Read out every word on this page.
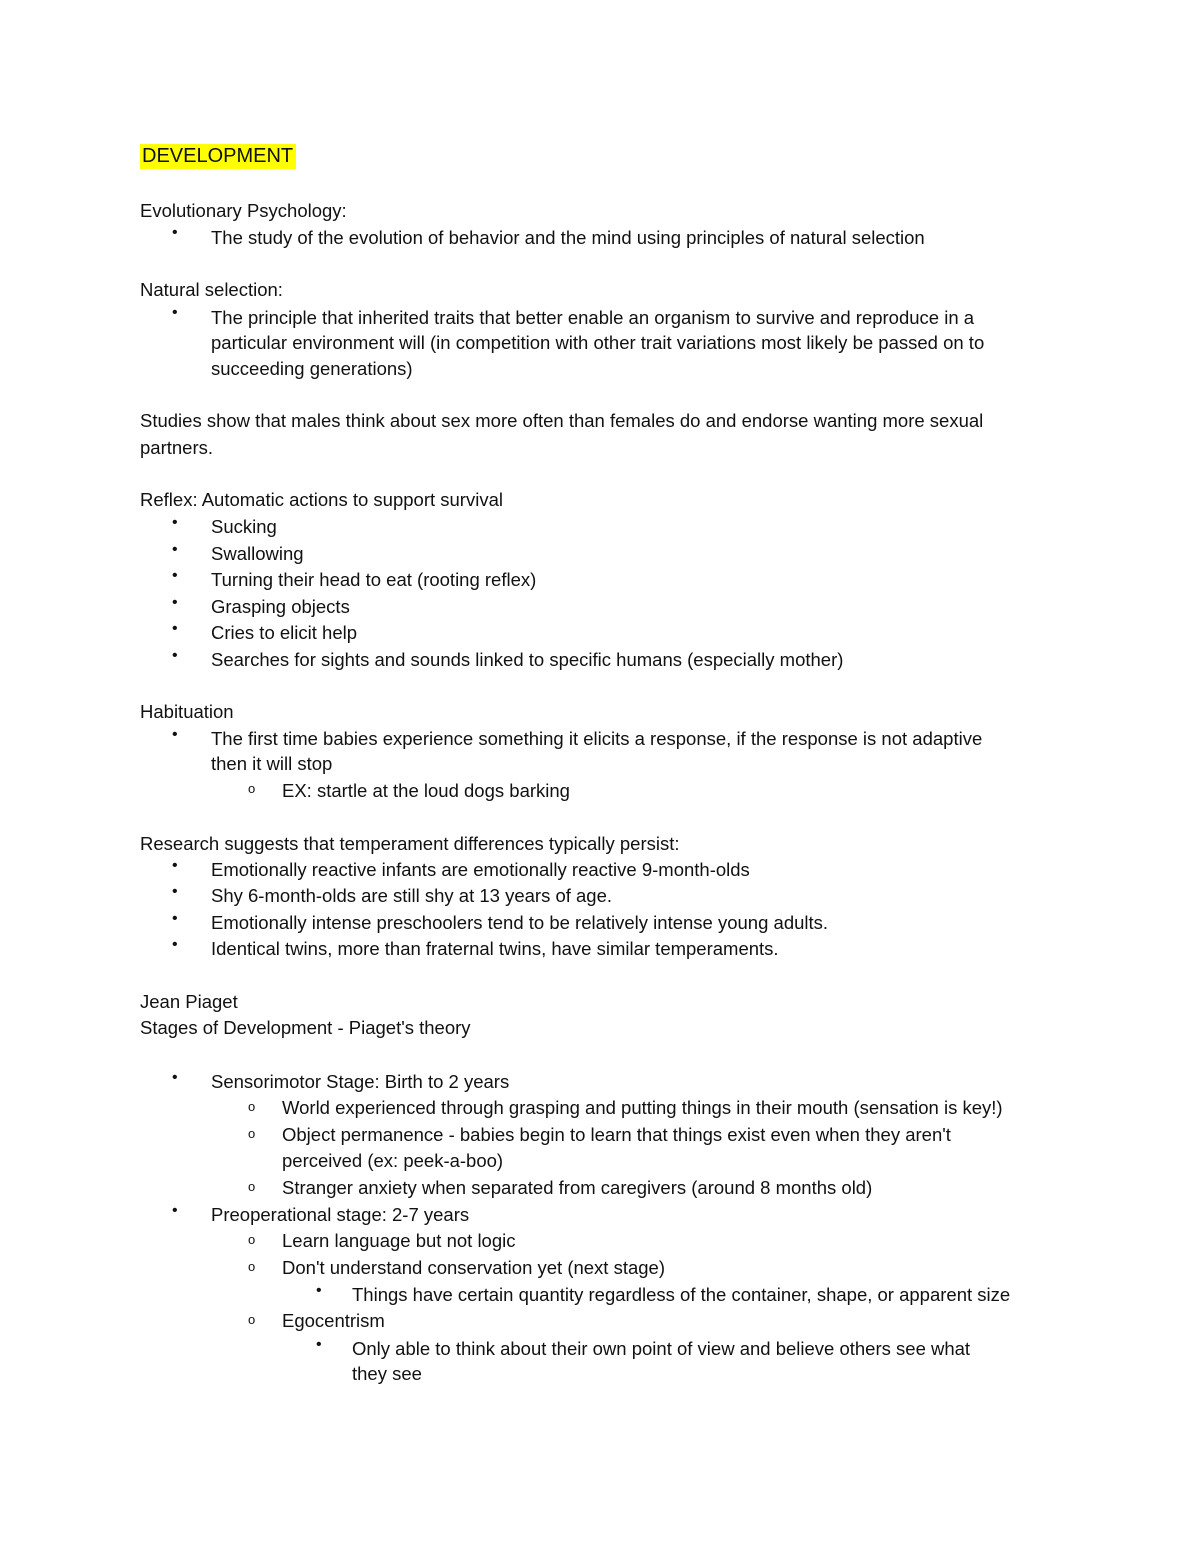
DEVELOPMENT
Evolutionary Psychology:
• The study of the evolution of behavior and the mind using principles of natural selection
Natural selection:
• The principle that inherited traits that better enable an organism to survive and reproduce in a
particular environment will (in competition with other trait variations most likely be passed on to
succeeding generations)
Studies show that males think about sex more often than females do and endorse wanting more sexual
partners.
Reflex: Automatic actions to support survival
• Sucking
• Swallowing
• Turning their head to eat (rooting reflex)
• Grasping objects
• Cries to elicit help
• Searches for sights and sounds linked to specific humans (especially mother)
Habituation
• The first time babies experience something it elicits a response, if the response is not adaptive
then it will stop
o EX: startle at the loud dogs barking
Research suggests that temperament differences typically persist:
• Emotionally reactive infants are emotionally reactive 9-month-olds
• Shy 6-month-olds are still shy at 13 years of age.
• Emotionally intense preschoolers tend to be relatively intense young adults.
• Identical twins, more than fraternal twins, have similar temperaments.
Jean Piaget
Stages of Development - Piaget's theory
• Sensorimotor Stage: Birth to 2 years
o World experienced through grasping and putting things in their mouth (sensation is key!)
o Object permanence - babies begin to learn that things exist even when they aren't
perceived (ex: peek-a-boo)
o Stranger anxiety when separated from caregivers (around 8 months old)
• Preoperational stage: 2-7 years
o Learn language but not logic
o Don't understand conservation yet (next stage)
• Things have certain quantity regardless of the container, shape, or apparent size
o Egocentrism
• Only able to think about their own point of view and believe others see what
they see
